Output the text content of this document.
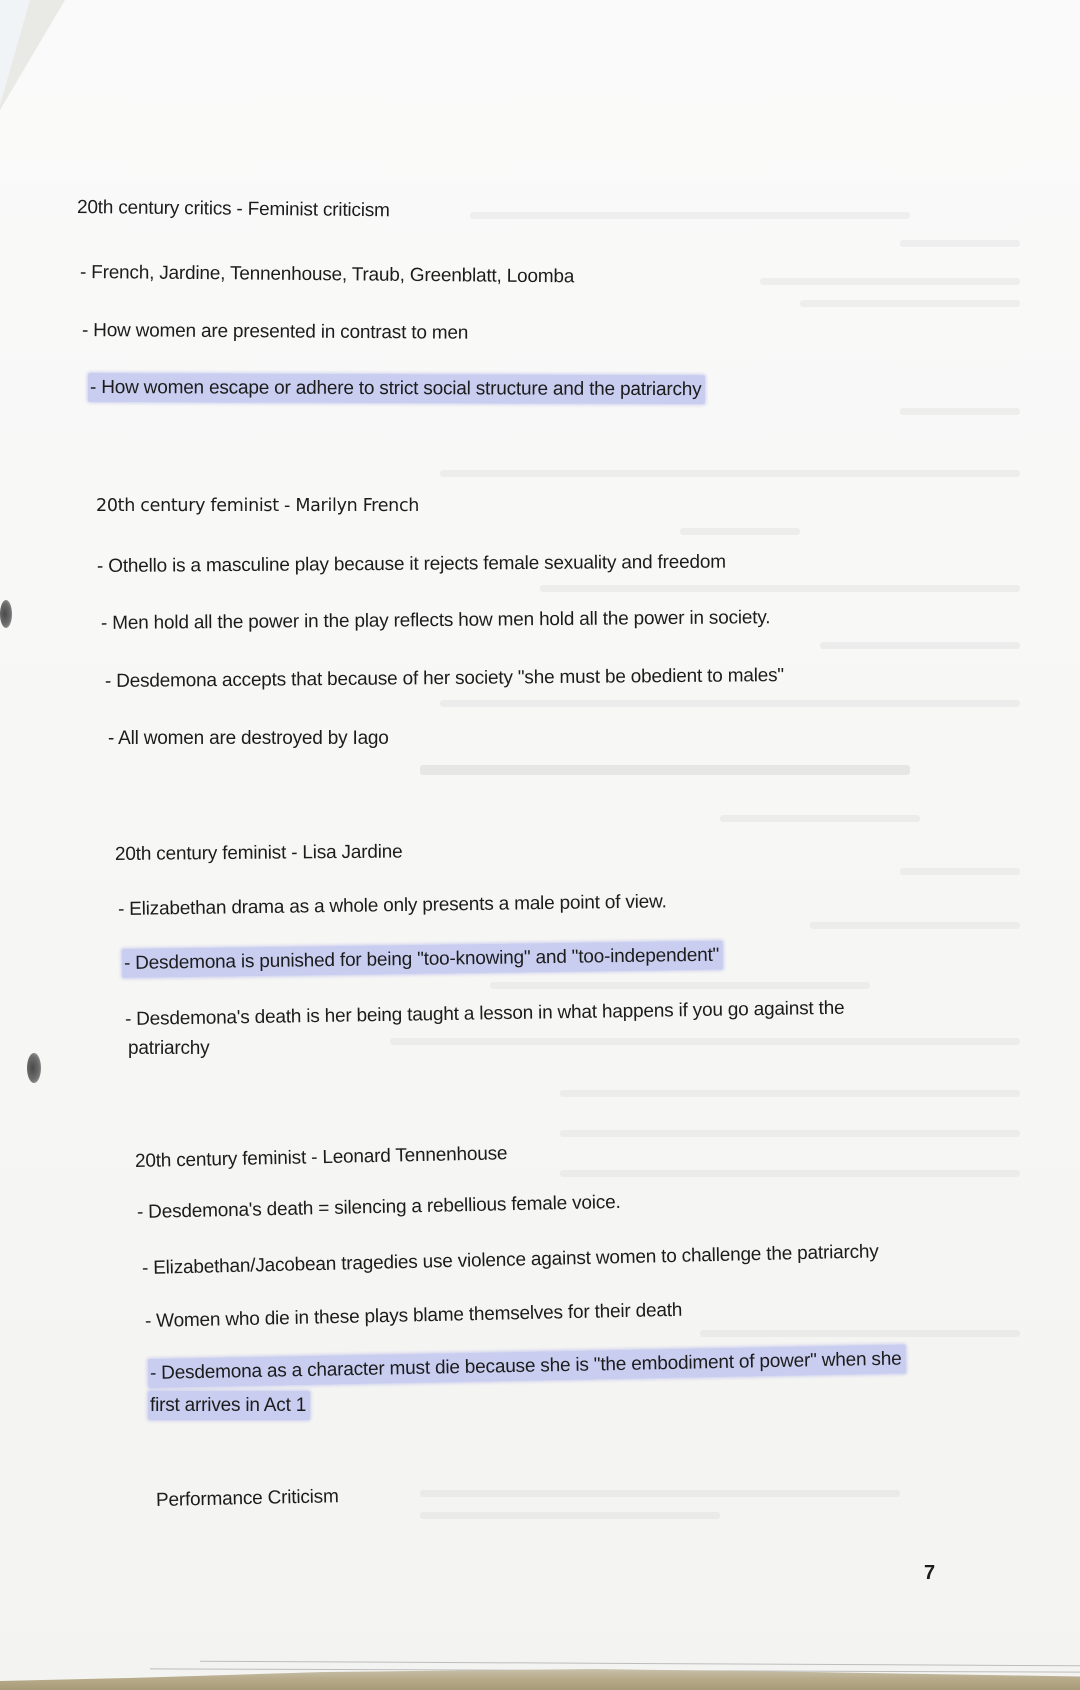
20th century critics - Feminist criticism
- French, Jardine, Tennenhouse, Traub, Greenblatt, Loomba
- How women are presented in contrast to men
- How women escape or adhere to strict social structure and the patriarchy
20th century feminist - Marilyn French
- Othello is a masculine play because it rejects female sexuality and freedom
- Men hold all the power in the play reflects how men hold all the power in society.
- Desdemona accepts that because of her society "she must be obedient to males"
- All women are destroyed by Iago
20th century feminist - Lisa Jardine
- Elizabethan drama as a whole only presents a male point of view.
- Desdemona is punished for being "too-knowing" and "too-independent"
- Desdemona's death is her being taught a lesson in what happens if you go against the
patriarchy
20th century feminist - Leonard Tennenhouse
- Desdemona's death = silencing a rebellious female voice.
- Elizabethan/Jacobean tragedies use violence against women to challenge the patriarchy
- Women who die in these plays blame themselves for their death
- Desdemona as a character must die because she is "the embodiment of power" when she
first arrives in Act 1
Performance Criticism
7
